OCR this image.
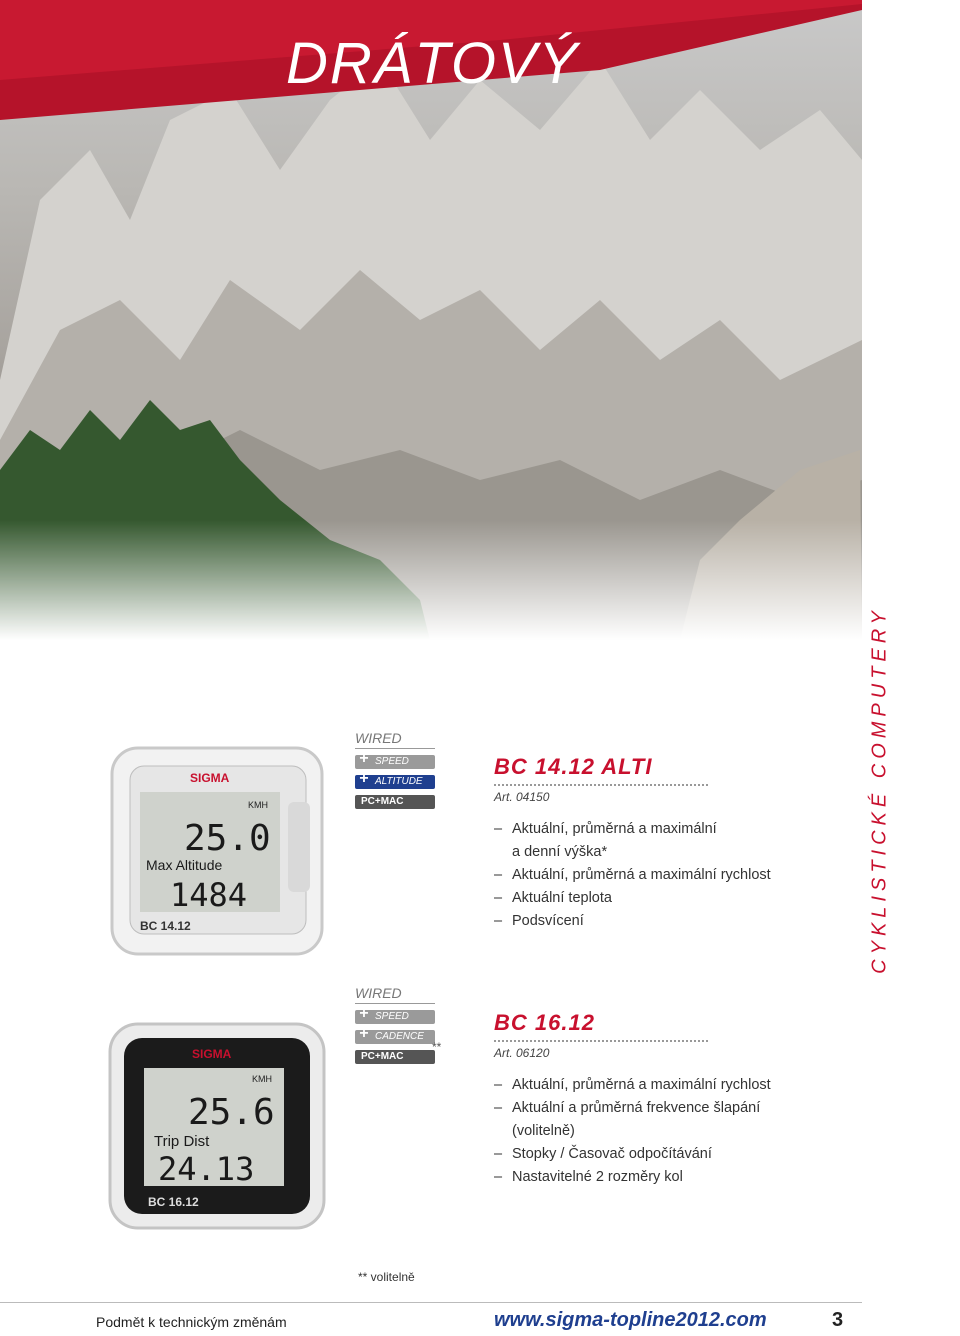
DRÁTOVÝ
CYKLISTICKÉ COMPUTERY
SIGMA
KMH
25.0
Max Altitude
1484
BC 14.12
WIRED
+ SPEED
+ ALTITUDE
PC+MAC
BC 14.12 ALTI
Art. 04150
– Aktuální, průměrná a maximální
a denní výška*
– Aktuální, průměrná a maximální rychlost
– Aktuální teplota
– Podsvícení
SIGMA
KMH
25.6
Trip Dist
24.13
BC 16.12
WIRED
+ SPEED
+ CADENCE
PC+MAC
**
BC 16.12
Art. 06120
– Aktuální, průměrná a maximální rychlost
– Aktuální a průměrná frekvence šlapání
(volitelně)
– Stopky / Časovač odpočítávání
– Nastavitelné 2 rozměry kol
** volitelně
Podmět k technickým změnám	www.sigma-topline2012.com	3
